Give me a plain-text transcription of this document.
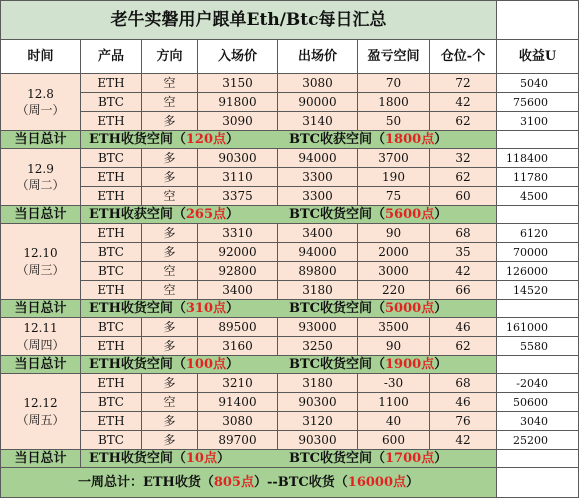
老牛实磐用户跟单Eth/Btc每日汇总							
时间	产品	方向	入场价	出场价	盈亏空间	仓位-个	收益U

12.8
（周一）	ETH	空	3150	3080	70	72	5040
	BTC	空	91800	90000	1800	42	75600
	ETH	多	3090	3140	50	62	3100
当日总计	ETH收货空间（120点） BTC收获空间（1800点）						

12.9
（周二）	BTC	多	90300	94000	3700	32	118400
	ETH	多	3110	3300	190	62	11780
	ETH	空	3375	3300	75	60	4500
当日总计	ETH收获空间（265点） BTC收货空间（5600点）						

12.10
（周三）	ETH	多	3310	3400	90	68	6120
	BTC	多	92000	94000	2000	35	70000
	BTC	空	92800	89800	3000	42	126000
	ETH	空	3400	3180	220	66	14520
当日总计	ETH收货空间（310点） BTC收货空间（5000点）						

12.11
（周四）	BTC	多	89500	93000	3500	46	161000
	ETH	多	3160	3250	90	62	5580
当日总计	ETH收货空间（100点） BTC收货空间（1900点）						

12.12
（周五）	ETH	多	3210	3180	-30	68	-2040
	BTC	空	91400	90300	1100	46	50600
	ETH	多	3080	3120	40	76	3040
	BTC	多	89700	90300	600	42	25200
当日总计	ETH收货空间（10点） BTC收货空间（1700点）						
一周总计：ETH收货（805点）--BTC收货（16000点）							
